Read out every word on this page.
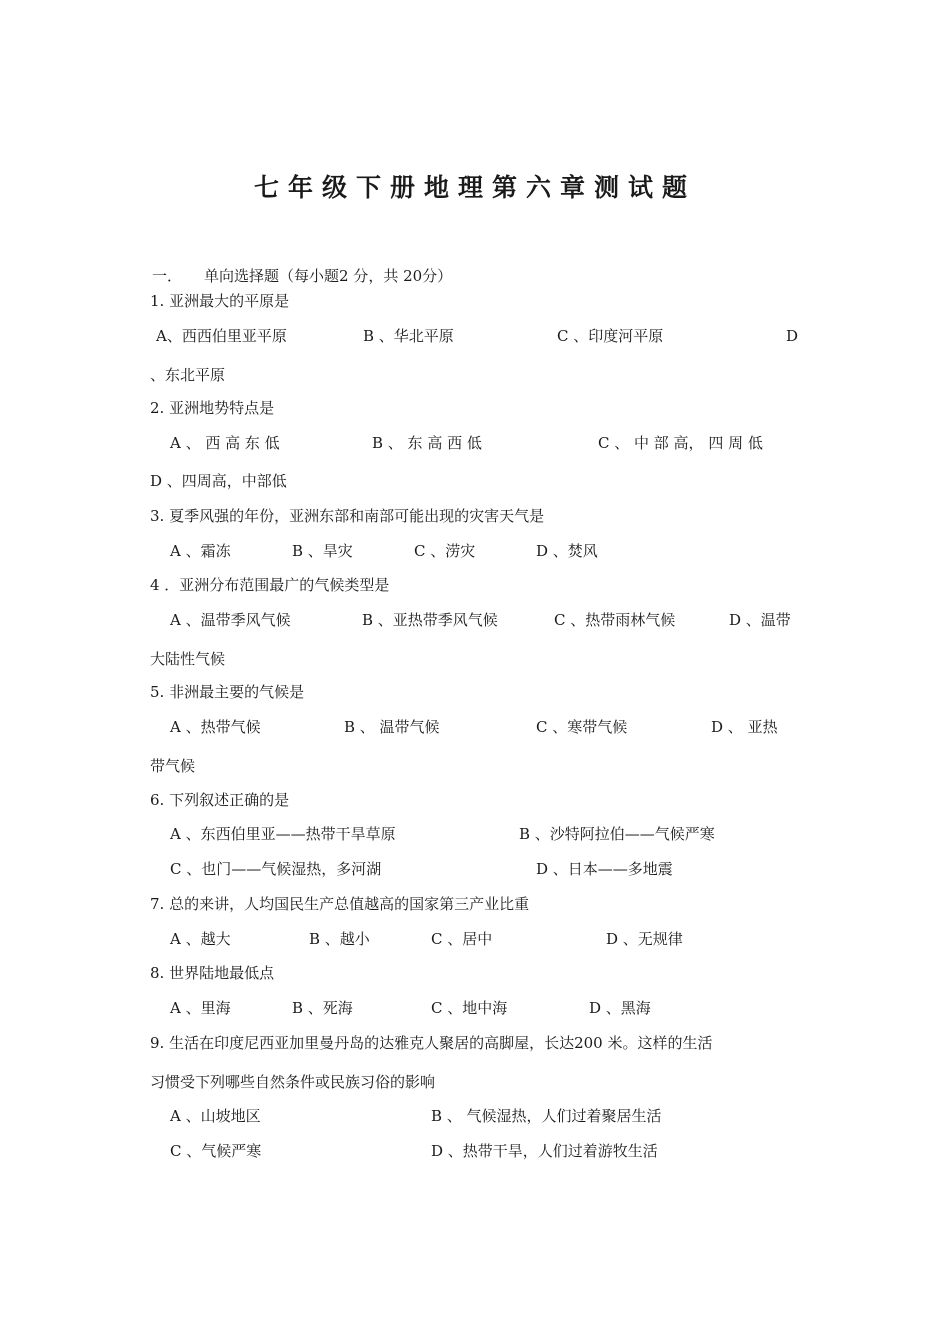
七年级下册地理第六章测试题
一． 单向选择题（每小题2 分，共 20分）
1. 亚洲最大的平原是
A、西西伯里亚平原	B 、华北平原	C 、印度河平原	D
、东北平原
2. 亚洲地势特点是
A 、 西 高 东 低	B 、 东 高 西 低	C 、 中 部 高， 四 周 低
D 、四周高，中部低
3. 夏季风强的年份，亚洲东部和南部可能出现的灾害天气是
A 、霜冻	B 、旱灾	C 、涝灾	D 、焚风
4 ．亚洲分布范围最广的气候类型是
A 、温带季风气候	B 、亚热带季风气候	C 、热带雨林气候	D 、温带
大陆性气候
5. 非洲最主要的气候是
A 、热带气候	B 、 温带气候	C 、寒带气候	D 、 亚热
带气候
6. 下列叙述正确的是
A 、东西伯里亚——热带干旱草原	B 、沙特阿拉伯——气候严寒
C 、也门——气候湿热，多河湖	D 、日本——多地震
7. 总的来讲，人均国民生产总值越高的国家第三产业比重
A 、越大	B 、越小	C 、居中	D 、无规律
8. 世界陆地最低点
A 、里海	B 、死海	C 、地中海	D 、黑海
9. 生活在印度尼西亚加里曼丹岛的达雅克人聚居的高脚屋，长达200 米。这样的生活
习惯受下列哪些自然条件或民族习俗的影响
A 、山坡地区	B 、 气候湿热，人们过着聚居生活
C 、气候严寒	D 、热带干旱，人们过着游牧生活
